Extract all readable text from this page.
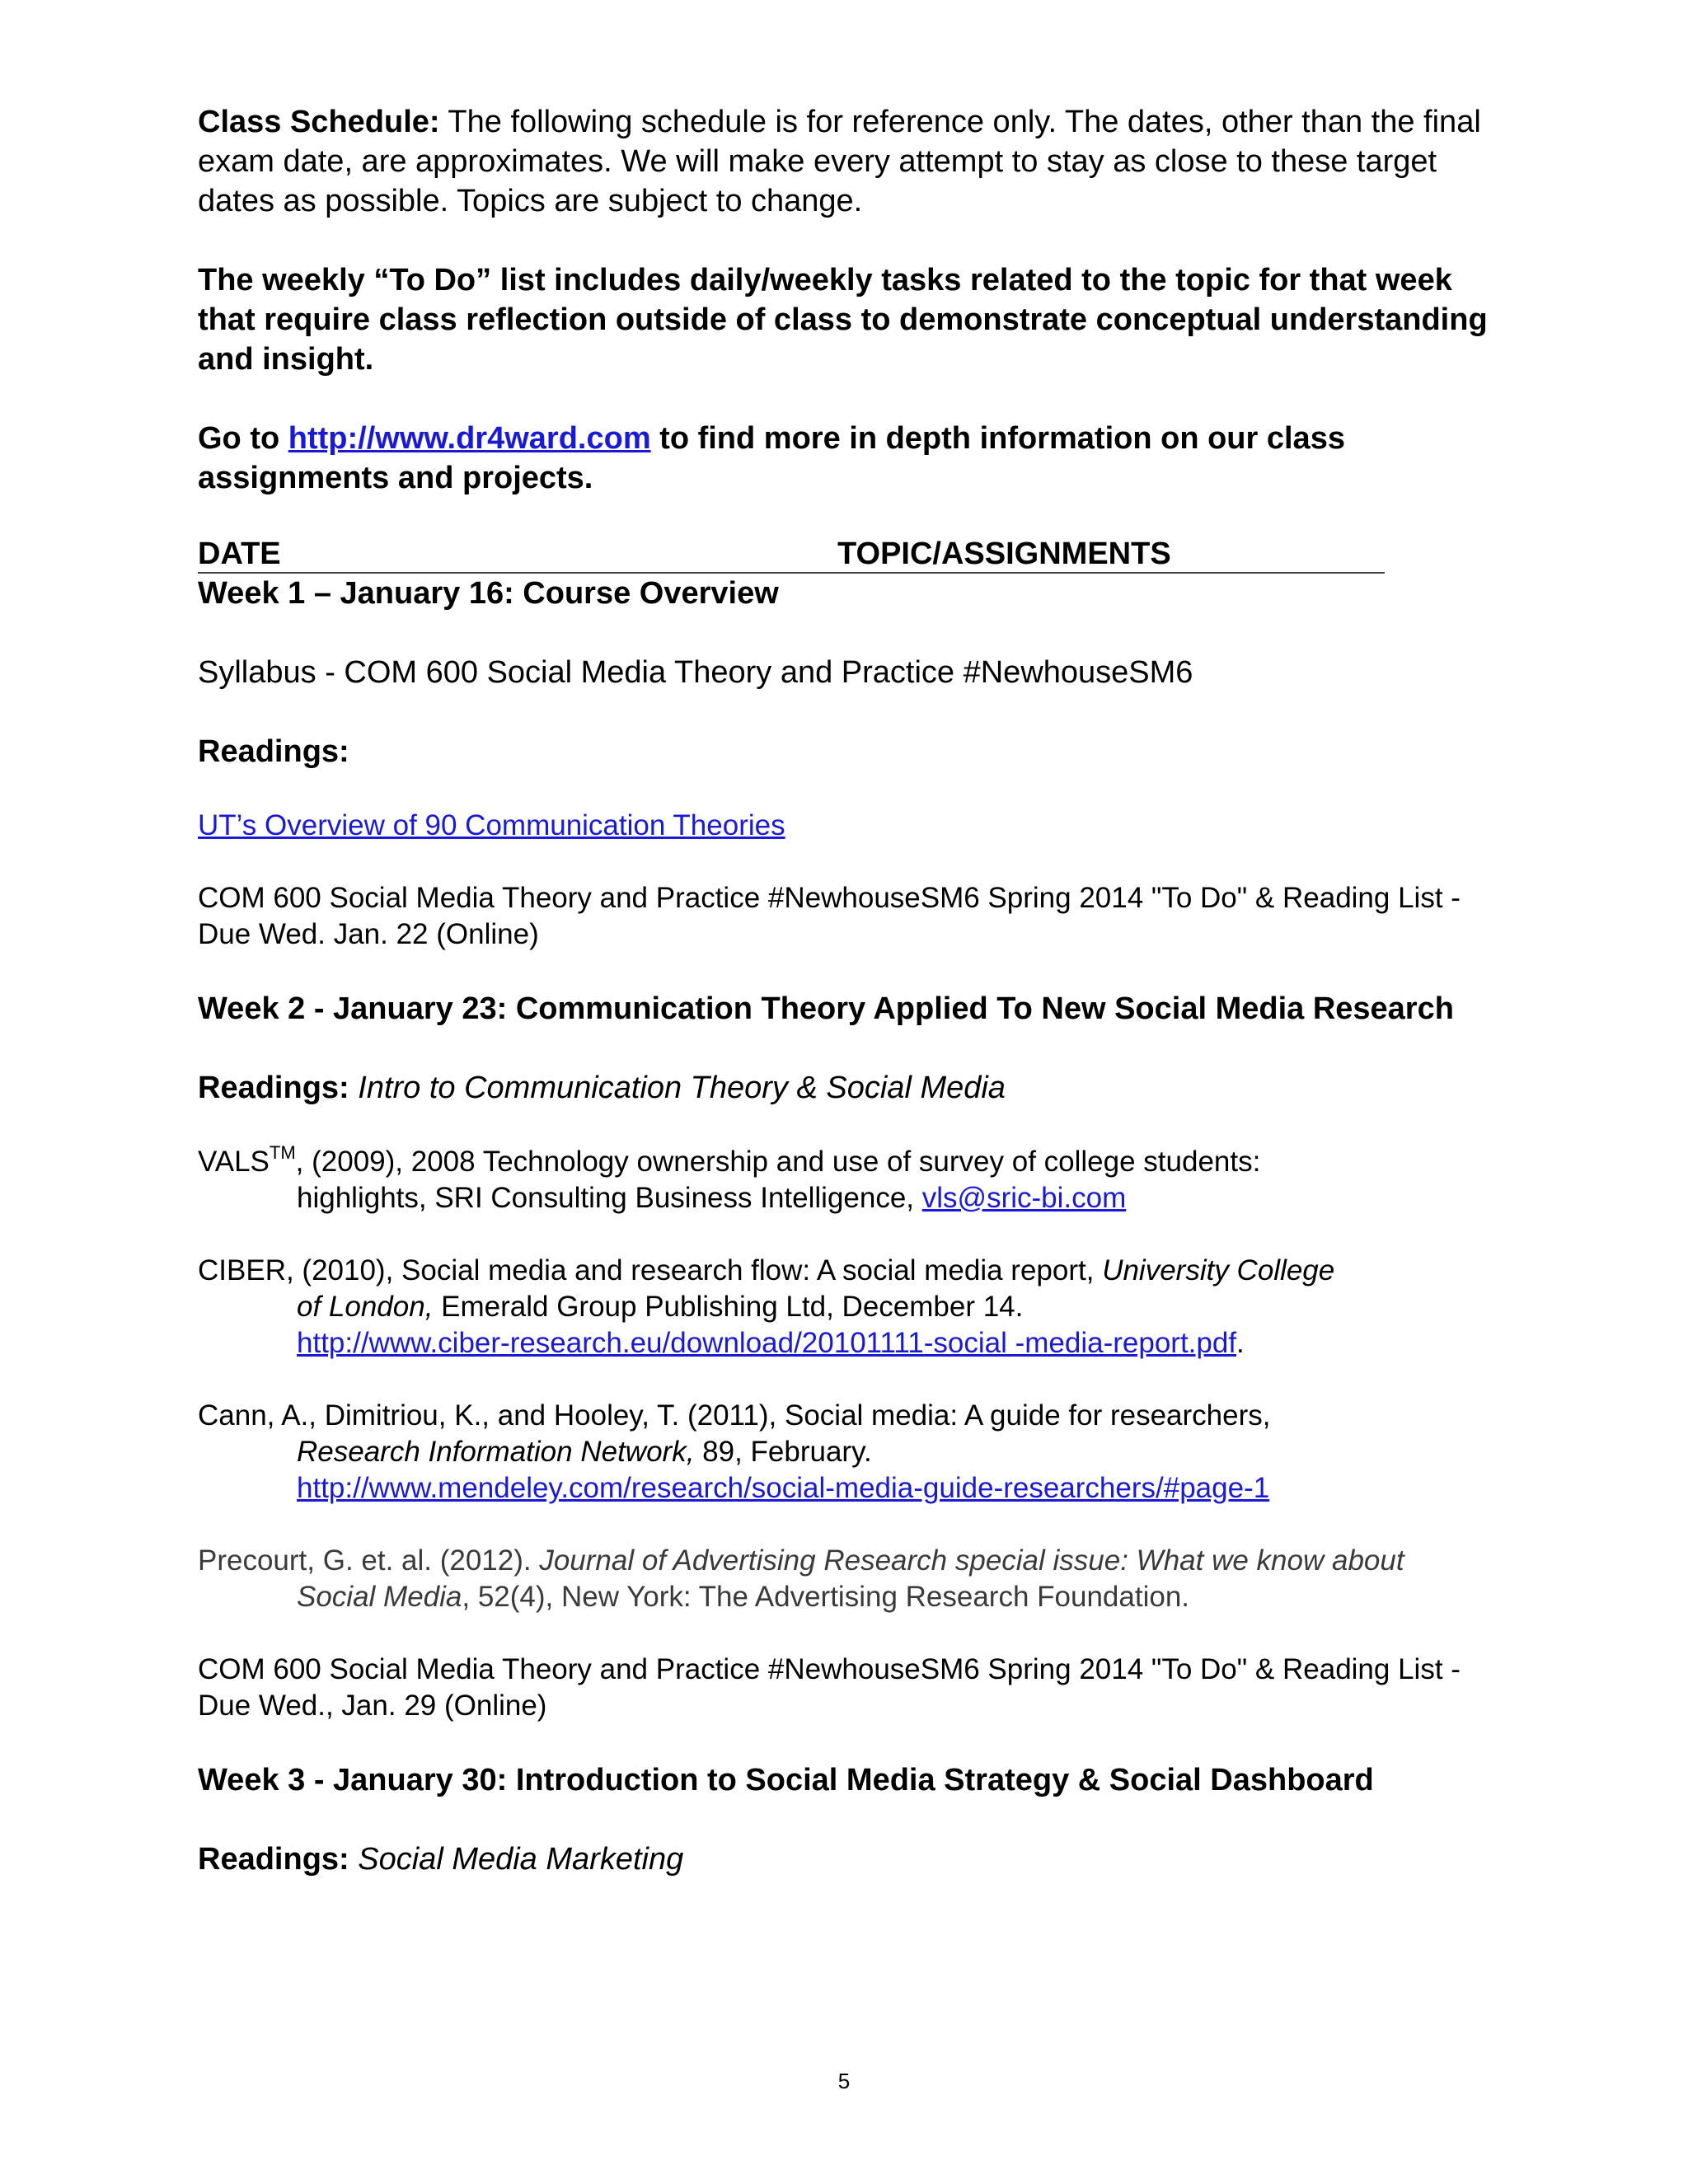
Class Schedule: The following schedule is for reference only. The dates, other than the final exam date, are approximates. We will make every attempt to stay as close to these target dates as possible. Topics are subject to change.

The weekly “To Do” list includes daily/weekly tasks related to the topic for that week that require class reflection outside of class to demonstrate conceptual understanding and insight.

Go to http://www.dr4ward.com to find more in depth information on our class assignments and projects.

DATE	TOPIC/ASSIGNMENTS

Week 1 – January 16: Course Overview

Syllabus - COM 600 Social Media Theory and Practice #NewhouseSM6

Readings:

UT’s Overview of 90 Communication Theories

COM 600 Social Media Theory and Practice #NewhouseSM6 Spring 2014 "To Do" & Reading List - Due Wed. Jan. 22 (Online)

Week 2 - January 23: Communication Theory Applied To New Social Media Research

Readings: Intro to Communication Theory & Social Media

VALS™, (2009), 2008 Technology ownership and use of survey of college students:

highlights, SRI Consulting Business Intelligence, vls@sric-bi.com

CIBER, (2010), Social media and research flow: A social media report, University College

of London, Emerald Group Publishing Ltd, December 14.

http://www.ciber-research.eu/download/20101111-social -media-report.pdf.

Cann, A., Dimitriou, K., and Hooley, T. (2011), Social media: A guide for researchers,

Research Information Network, 89, February.

http://www.mendeley.com/research/social-media-guide-researchers/#page-1

Precourt, G. et. al. (2012). Journal of Advertising Research special issue: What we know about

Social Media, 52(4), New York: The Advertising Research Foundation.

COM 600 Social Media Theory and Practice #NewhouseSM6 Spring 2014 "To Do" & Reading List - Due Wed., Jan. 29 (Online)

Week 3 - January 30: Introduction to Social Media Strategy & Social Dashboard

Readings: Social Media Marketing

5
